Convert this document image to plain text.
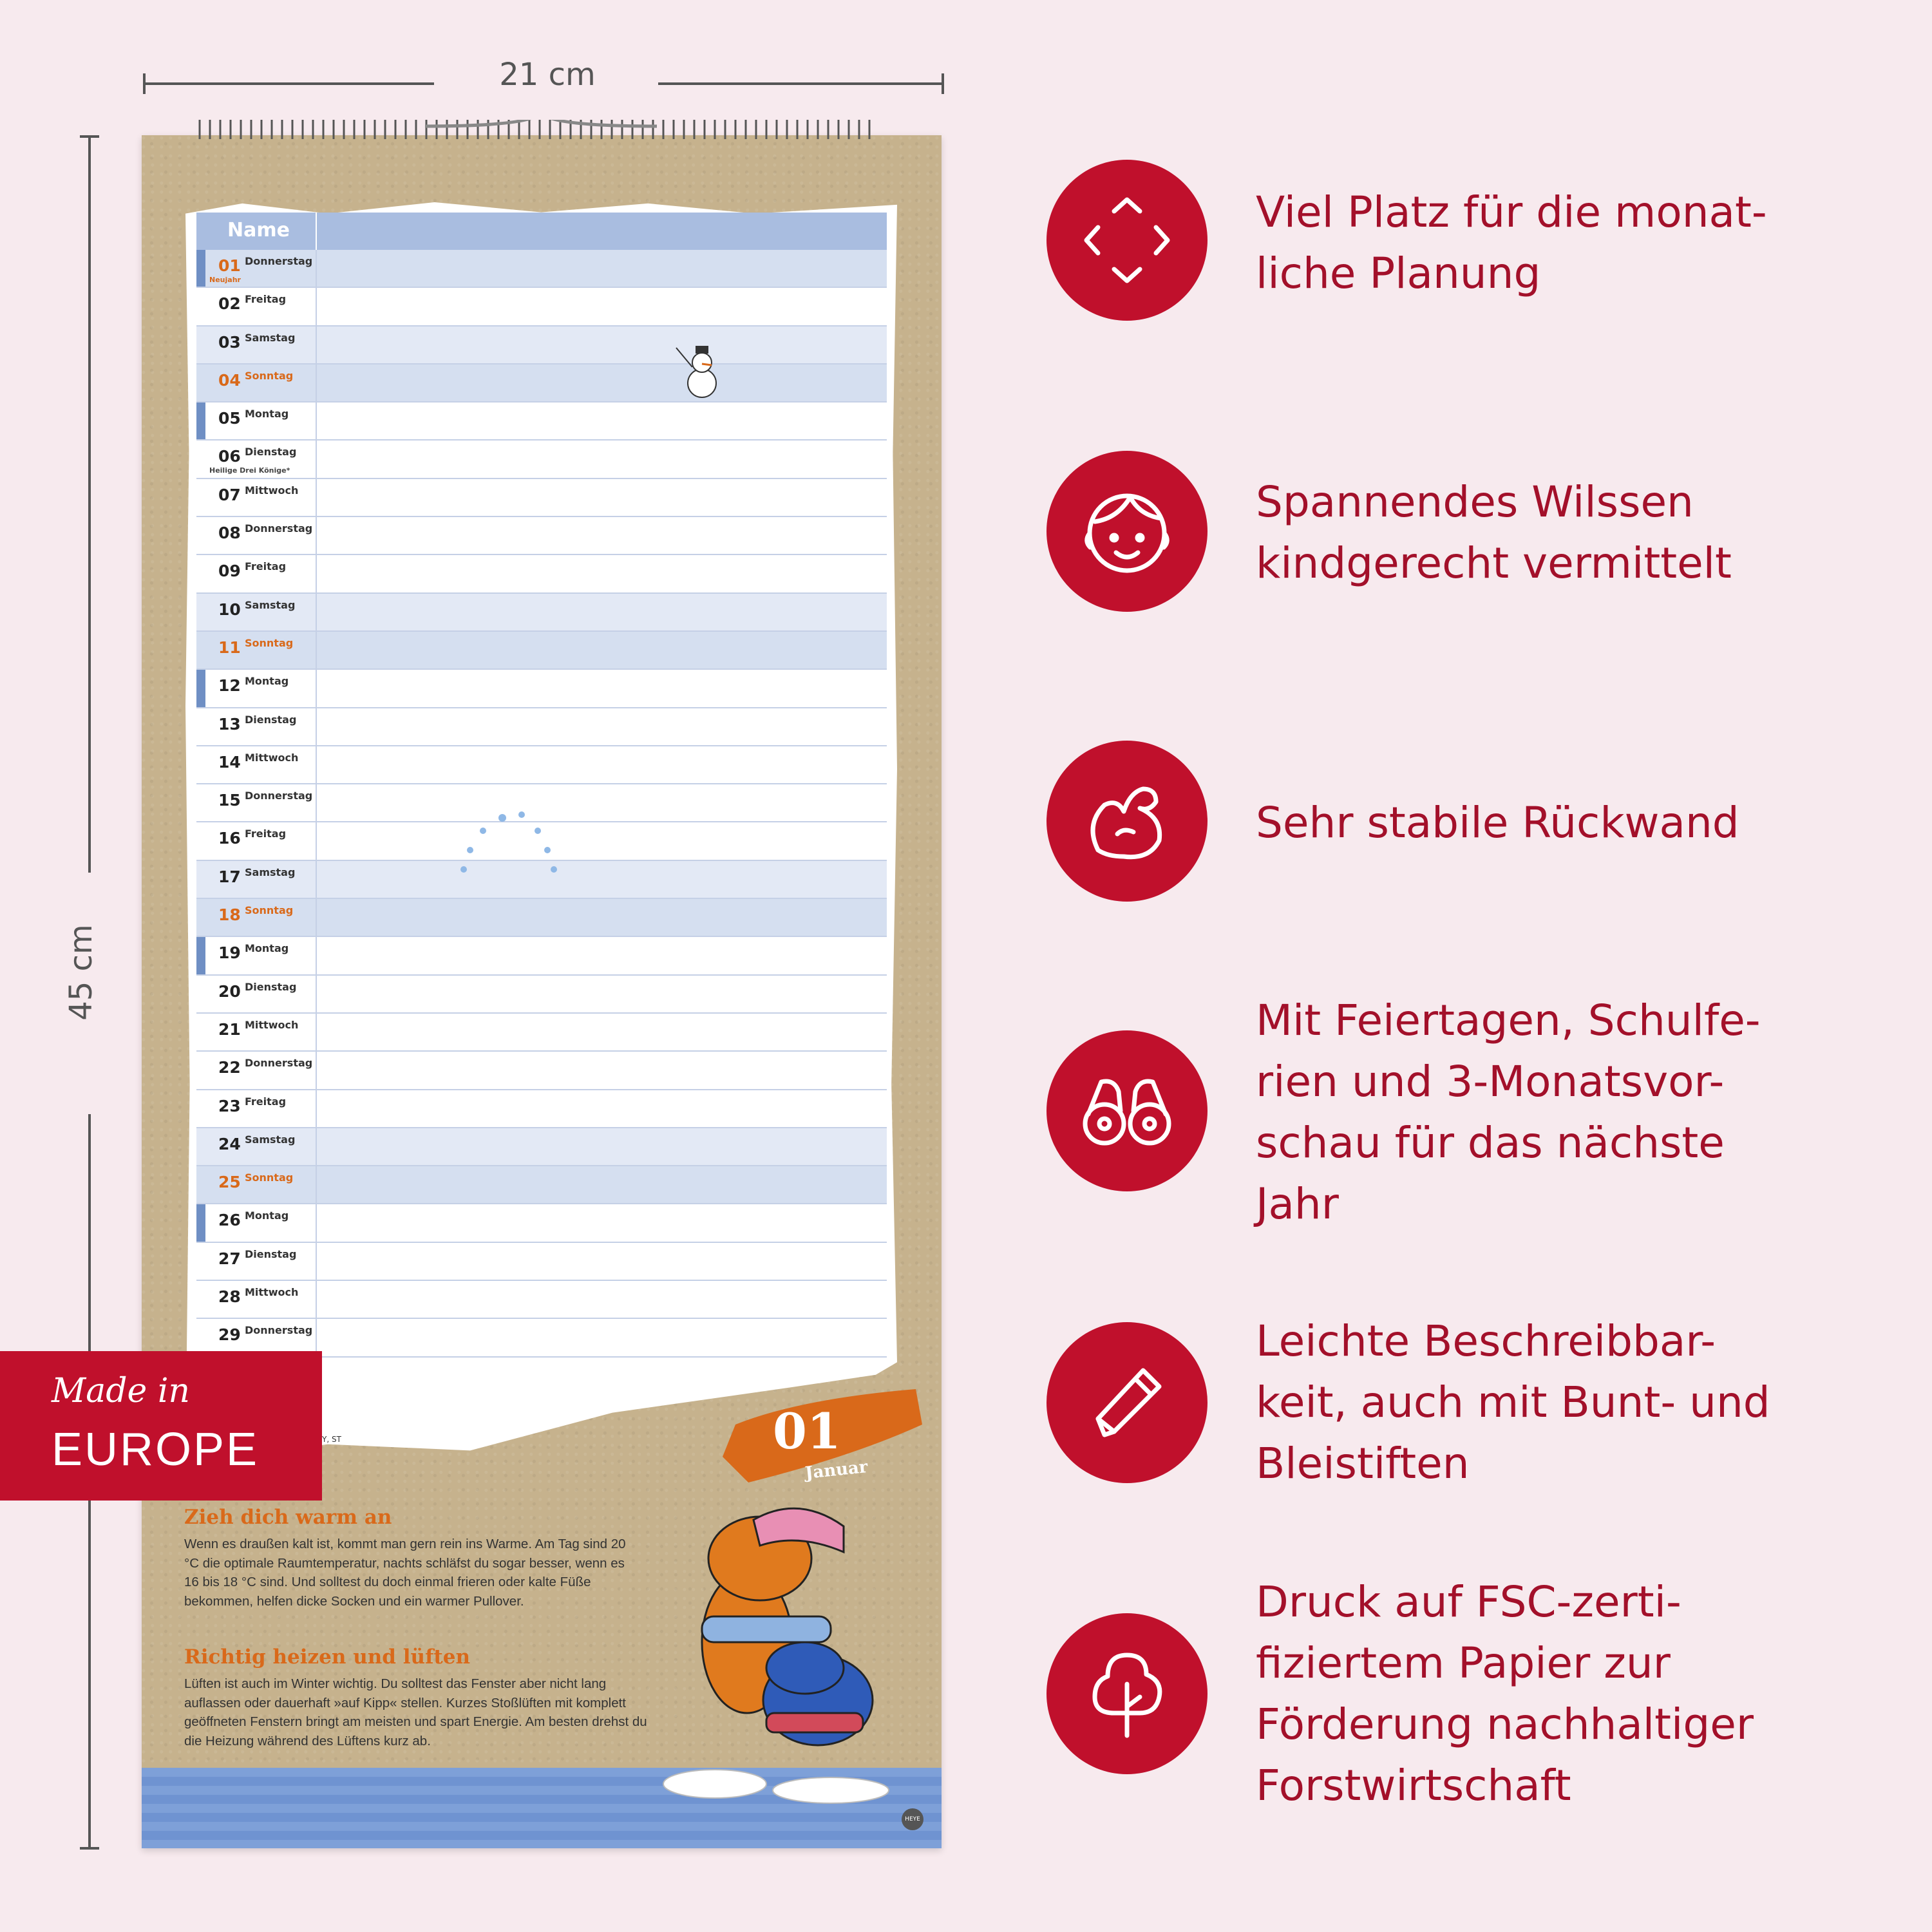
21 cm
45 cm
Name
01 Donnerstag
Neujahr
02 Freitag
03 Samstag
04 Sonntag
05 Montag
06 Dienstag
Heilige Drei Könige*
07 Mittwoch
08 Donnerstag
09 Freitag
10 Samstag
11 Sonntag
12 Montag
13 Dienstag
14 Mittwoch
15 Donnerstag
16 Freitag
17 Samstag
18 Sonntag
19 Montag
20 Dienstag
21 Mittwoch
22 Donnerstag
23 Freitag
24 Samstag
25 Sonntag
26 Montag
27 Dienstag
28 Mittwoch
29 Donnerstag
01
Januar
Y, ST
Zieh dich warm an
Wenn es draußen kalt ist, kommt man gern rein ins Warme. Am Tag sind 20 °C die optimale Raumtemperatur, nachts schläfst du sogar besser, wenn es 16 bis 18 °C sind. Und solltest du doch einmal frieren oder kalte Füße bekommen, helfen dicke Socken und ein warmer Pullover.
Richtig heizen und lüften
Lüften ist auch im Winter wichtig. Du solltest das Fenster aber nicht lang auflassen oder dauerhaft »auf Kipp« stellen. Kurzes Stoßlüften mit komplett geöffneten Fenstern bringt am meisten und spart Energie. Am besten drehst du die Heizung während des Lüftens kurz ab.
HEYE
Made in
EUROPE
Viel Platz für die monat-
liche Planung
Spannendes Wilssen
kindgerecht vermittelt
Sehr stabile Rückwand
Mit Feiertagen, Schulfe-
rien und 3-Monatsvor-
schau für das nächste
Jahr
Leichte Beschreibbar-
keit, auch mit Bunt- und
Bleistiften
Druck auf FSC-zerti-
fiziertem Papier zur
Förderung nachhaltiger
Forstwirtschaft
